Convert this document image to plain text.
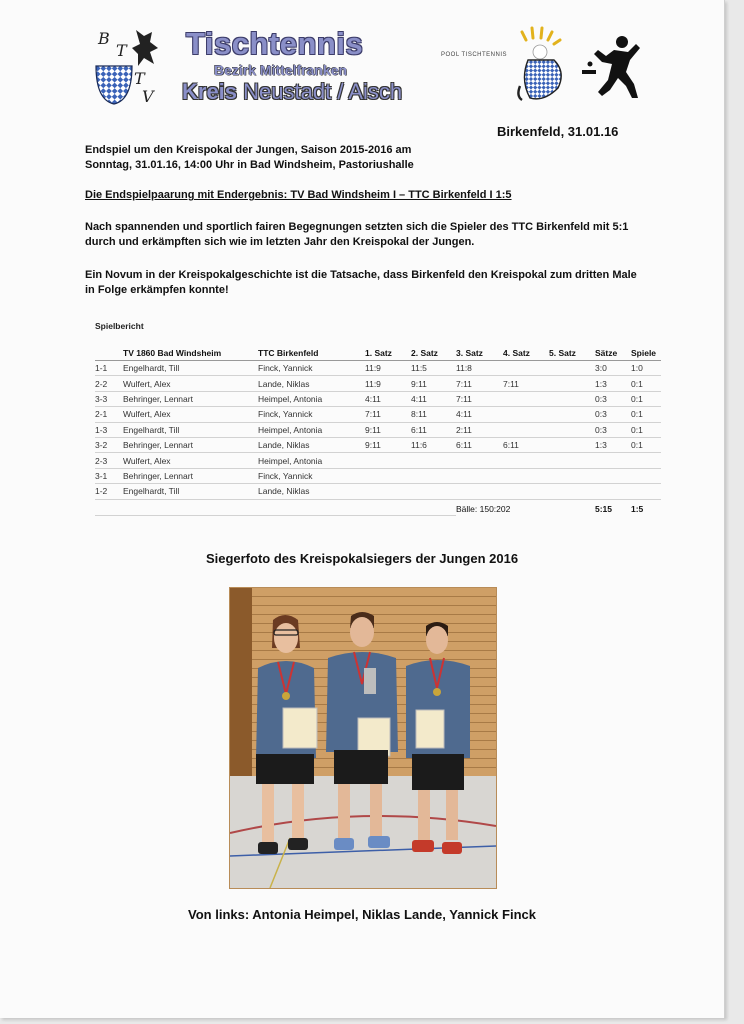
B
T
T
V
Tischtennis
Bezirk Mittelfranken
Kreis Neustadt / Aisch
POOL TISCHTENNIS
Birkenfeld, 31.01.16

Endspiel um den Kreispokal der Jungen, Saison 2015-2016 am
Sonntag, 31.01.16, 14:00 Uhr in Bad Windsheim, Pastoriushalle

Die Endspielpaarung mit Endergebnis: TV Bad Windsheim I – TTC Birkenfeld I 1:5

Nach spannenden und sportlich fairen Begegnungen setzten sich die Spieler des TTC Birkenfeld mit 5:1 durch und erkämpften sich wie im letzten Jahr den Kreispokal der Jungen.

Ein Novum in der Kreispokalgeschichte ist die Tatsache, dass Birkenfeld den Kreispokal zum dritten Male in Folge erkämpfen konnte!

Spielbericht
	TV 1860 Bad Windsheim	TTC Birkenfeld	1. Satz	2. Satz	3. Satz	4. Satz	5. Satz	Sätze	Spiele
1-1	Engelhardt, Till	Finck, Yannick	11:9	11:5	11:8			3:0	1:0
2-2	Wulfert, Alex	Lande, Niklas	11:9	9:11	7:11	7:11		1:3	0:1
3-3	Behringer, Lennart	Heimpel, Antonia	4:11	4:11	7:11			0:3	0:1
2-1	Wulfert, Alex	Finck, Yannick	7:11	8:11	4:11			0:3	0:1
1-3	Engelhardt, Till	Heimpel, Antonia	9:11	6:11	2:11			0:3	0:1
3-2	Behringer, Lennart	Lande, Niklas	9:11	11:6	6:11	6:11		1:3	0:1
2-3	Wulfert, Alex	Heimpel, Antonia							
3-1	Behringer, Lennart	Finck, Yannick							
1-2	Engelhardt, Till	Lande, Niklas							
					Bälle: 150:202			5:15	1:5
Siegerfoto des Kreispokalsiegers der Jungen 2016
Von links: Antonia Heimpel, Niklas Lande, Yannick Finck
